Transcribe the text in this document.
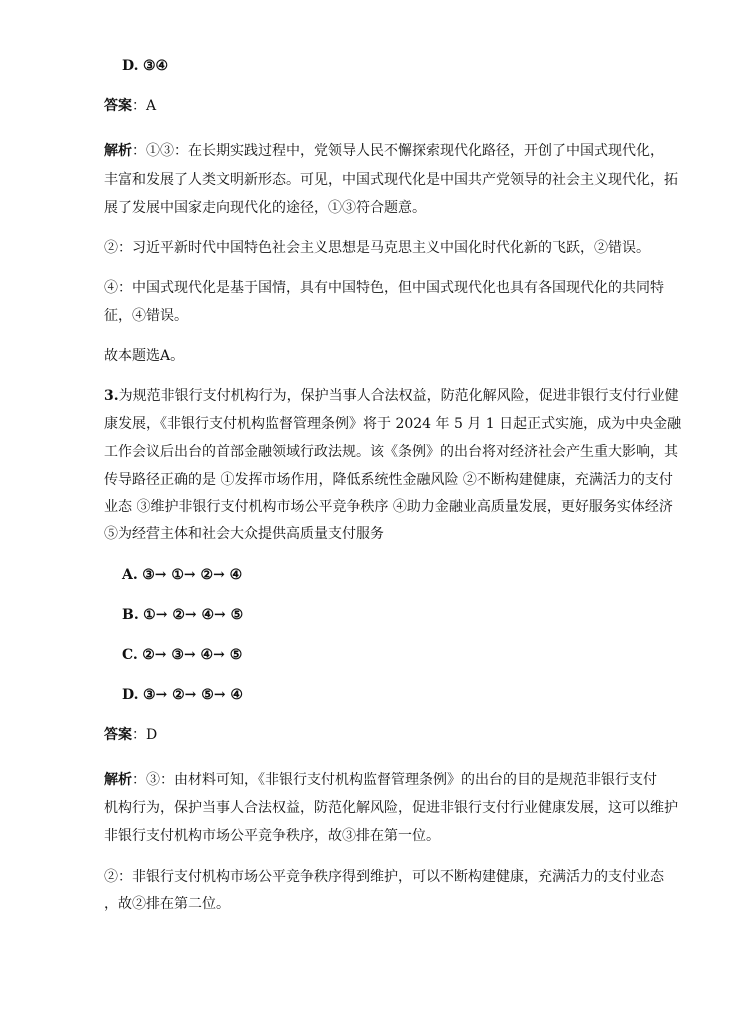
D. ③④
答案：A
解析：①③：在长期实践过程中，党领导人民不懈探索现代化路径，开创了中国式现代化，
丰富和发展了人类文明新形态。可见，中国式现代化是中国共产党领导的社会主义现代化，拓
展了发展中国家走向现代化的途径，①③符合题意。
②：习近平新时代中国特色社会主义思想是马克思主义中国化时代化新的飞跃，②错误。
④：中国式现代化是基于国情，具有中国特色，但中国式现代化也具有各国现代化的共同特
征，④错误。
故本题选A。
3.为规范非银行支付机构行为，保护当事人合法权益，防范化解风险，促进非银行支付行业健
康发展，《非银行支付机构监督管理条例》将于 2024 年 5 月 1 日起正式实施，成为中央金融
工作会议后出台的首部金融领域行政法规。该《条例》的出台将对经济社会产生重大影响，其
传导路径正确的是 ①发挥市场作用，降低系统性金融风险 ②不断构建健康，充满活力的支付
业态 ③维护非银行支付机构市场公平竞争秩序 ④助力金融业高质量发展，更好服务实体经济
⑤为经营主体和社会大众提供高质量支付服务
A. ③→ ①→ ②→ ④
B. ①→ ②→ ④→ ⑤
C. ②→ ③→ ④→ ⑤
D. ③→ ②→ ⑤→ ④
答案：D
解析：③：由材料可知，《非银行支付机构监督管理条例》的出台的目的是规范非银行支付
机构行为，保护当事人合法权益，防范化解风险，促进非银行支付行业健康发展，这可以维护
非银行支付机构市场公平竞争秩序，故③排在第一位。
②：非银行支付机构市场公平竞争秩序得到维护，可以不断构建健康，充满活力的支付业态
，故②排在第二位。
